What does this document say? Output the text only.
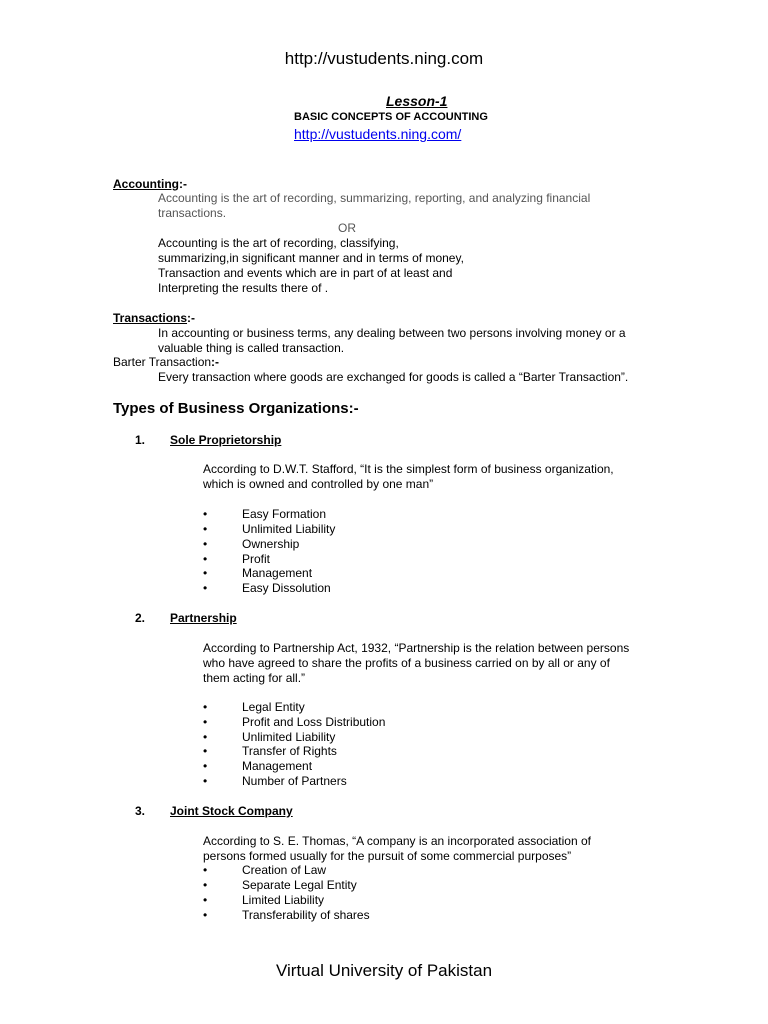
http://vustudents.ning.com
Lesson-1
BASIC CONCEPTS OF ACCOUNTING
http://vustudents.ning.com/
Accounting:-
Accounting is the art of recording, summarizing, reporting, and analyzing financial
transactions.
OR
Accounting is the art of recording, classifying,
summarizing,in significant manner and in terms of money,
Transaction and events which are in part of at least and
Interpreting the results there of .
Transactions:-
In accounting or business terms, any dealing between two persons involving money or a
valuable thing is called transaction.
Barter Transaction:-
Every transaction where goods are exchanged for goods is called a “Barter Transaction”.
Types of Business Organizations:-
1. Sole Proprietorship
According to D.W.T. Stafford, “It is the simplest form of business organization,
which is owned and controlled by one man”
•	Easy Formation
•	Unlimited Liability
•	Ownership
•	Profit
•	Management
•	Easy Dissolution
2. Partnership
According to Partnership Act, 1932, “Partnership is the relation between persons
who have agreed to share the profits of a business carried on by all or any of
them acting for all.”
•	Legal Entity
•	Profit and Loss Distribution
•	Unlimited Liability
•	Transfer of Rights
•	Management
•	Number of Partners
3. Joint Stock Company
According to S. E. Thomas, “A company is an incorporated association of
persons formed usually for the pursuit of some commercial purposes”
•	Creation of Law
•	Separate Legal Entity
•	Limited Liability
•	Transferability of shares
Virtual University of Pakistan
